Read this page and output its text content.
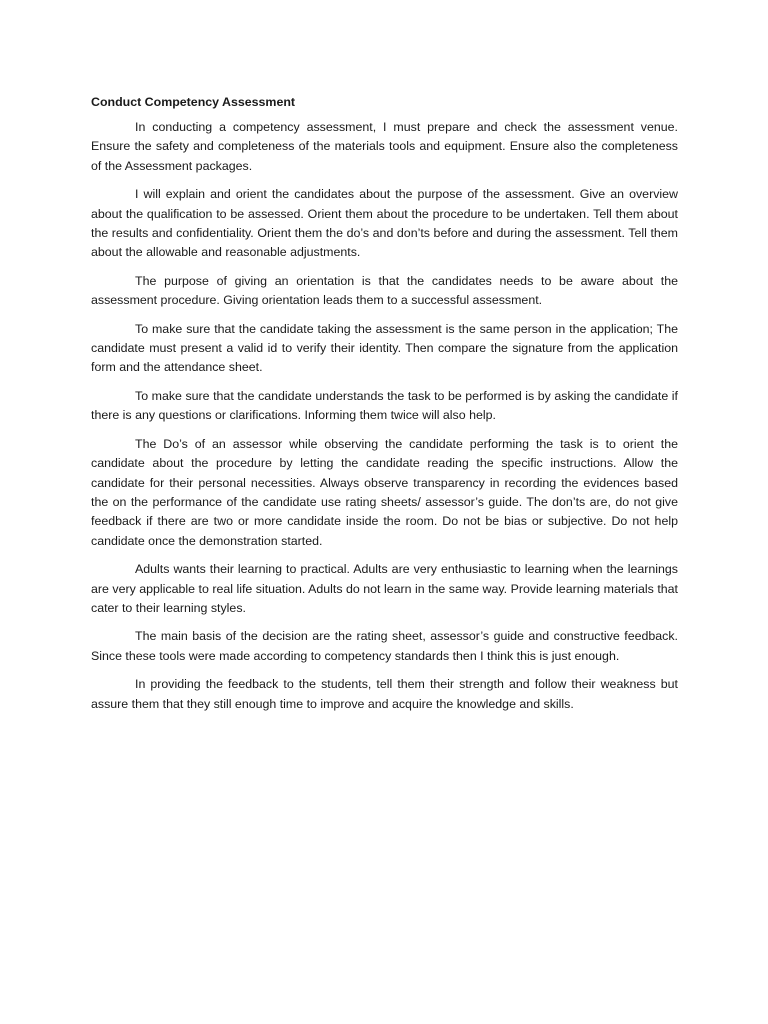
Conduct Competency Assessment

In conducting a competency assessment, I must prepare and check the assessment venue. Ensure the safety and completeness of the materials tools and equipment. Ensure also the completeness of the Assessment packages.

I will explain and orient the candidates about the purpose of the assessment. Give an overview about the qualification to be assessed. Orient them about the procedure to be undertaken. Tell them about the results and confidentiality. Orient them the do’s and don’ts before and during the assessment. Tell them about the allowable and reasonable adjustments.

The purpose of giving an orientation is that the candidates needs to be aware about the assessment procedure. Giving orientation leads them to a successful assessment.

To make sure that the candidate taking the assessment is the same person in the application; The candidate must present a valid id to verify their identity. Then compare the signature from the application form and the attendance sheet.

To make sure that the candidate understands the task to be performed is by asking the candidate if there is any questions or clarifications. Informing them twice will also help.

The Do’s of an assessor while observing the candidate performing the task is to orient the candidate about the procedure by letting the candidate reading the specific instructions. Allow the candidate for their personal necessities. Always observe transparency in recording the evidences based the on the performance of the candidate use rating sheets/ assessor’s guide. The don’ts are, do not give feedback if there are two or more candidate inside the room. Do not be bias or subjective. Do not help candidate once the demonstration started.

Adults wants their learning to practical. Adults are very enthusiastic to learning when the learnings are very applicable to real life situation. Adults do not learn in the same way. Provide learning materials that cater to their learning styles.

The main basis of the decision are the rating sheet, assessor’s guide and constructive feedback. Since these tools were made according to competency standards then I think this is just enough.

In providing the feedback to the students, tell them their strength and follow their weakness but assure them that they still enough time to improve and acquire the knowledge and skills.
